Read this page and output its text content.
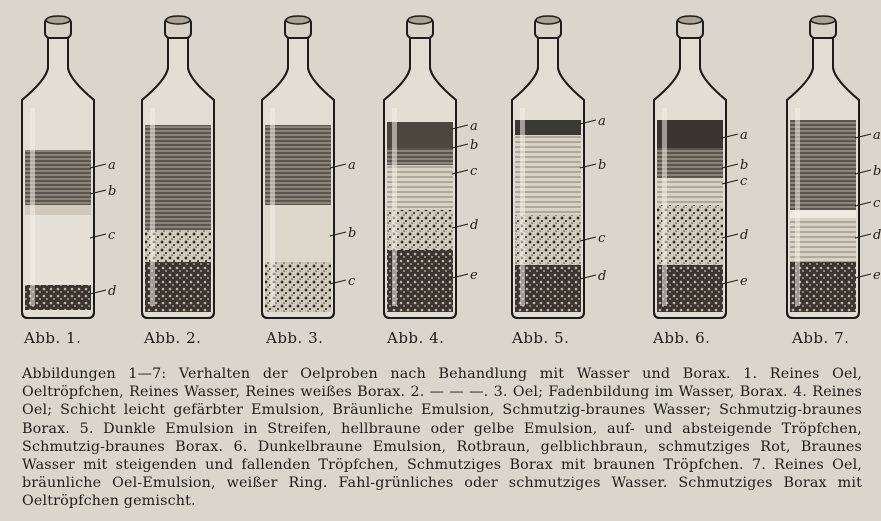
a
b
c
d
a
b
c
a
b
c
d
e
a
b
c
d
a
b
c
d
e
a
b
c
d
e
Abb. 1.	Abb. 2.	Abb. 3.	Abb. 4.	Abb. 5.	Abb. 6.	Abb. 7.

Abbildungen 1—7: Verhalten der Oelproben nach Behandlung mit Wasser und Borax. 1. Reines Oel, Oeltröpfchen, Reines Wasser, Reines weißes Borax. 2. — — —. 3. Oel; Fadenbildung im Wasser, Borax. 4. Reines Oel; Schicht leicht gefärbter Emulsion, Bräunliche Emulsion, Schmutzig-braunes Wasser; Schmutzig-braunes Borax. 5. Dunkle Emulsion in Streifen, hellbraune oder gelbe Emulsion, auf- und absteigende Tröpfchen, Schmutzig-braunes Borax. 6. Dunkelbraune Emulsion, Rotbraun, gelblichbraun, schmutziges Rot, Braunes Wasser mit steigenden und fallenden Tröpfchen, Schmutziges Borax mit braunen Tröpfchen. 7. Reines Oel, bräunliche Oel-Emulsion, weißer Ring. Fahl-grünliches oder schmutziges Wasser. Schmutziges Borax mit Oeltröpfchen gemischt.
